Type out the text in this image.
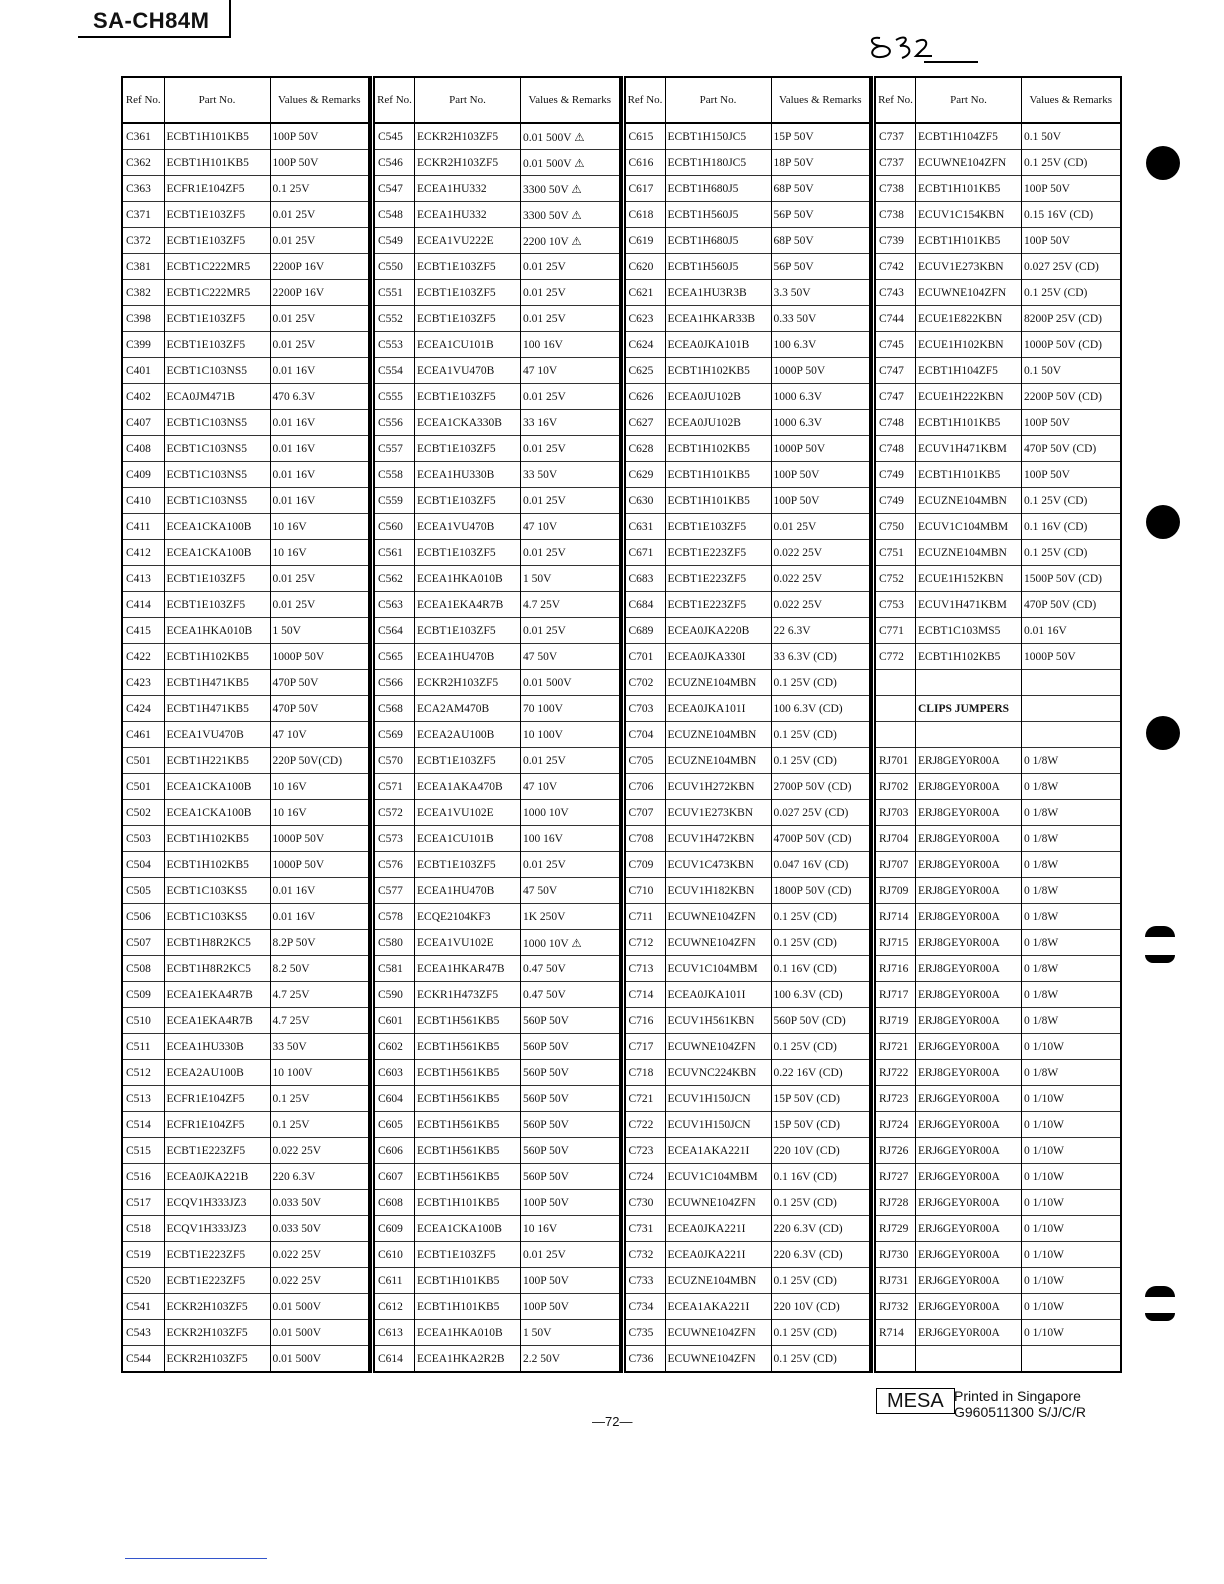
SA-CH84M
Ref No.	Part No.	Values & Remarks
C361	ECBT1H101KB5	100P 50V
C362	ECBT1H101KB5	100P 50V
C363	ECFR1E104ZF5	0.1 25V
C371	ECBT1E103ZF5	0.01 25V
C372	ECBT1E103ZF5	0.01 25V
C381	ECBT1C222MR5	2200P 16V
C382	ECBT1C222MR5	2200P 16V
C398	ECBT1E103ZF5	0.01 25V
C399	ECBT1E103ZF5	0.01 25V
C401	ECBT1C103NS5	0.01 16V
C402	ECA0JM471B	470 6.3V
C407	ECBT1C103NS5	0.01 16V
C408	ECBT1C103NS5	0.01 16V
C409	ECBT1C103NS5	0.01 16V
C410	ECBT1C103NS5	0.01 16V
C411	ECEA1CKA100B	10 16V
C412	ECEA1CKA100B	10 16V
C413	ECBT1E103ZF5	0.01 25V
C414	ECBT1E103ZF5	0.01 25V
C415	ECEA1HKA010B	1 50V
C422	ECBT1H102KB5	1000P 50V
C423	ECBT1H471KB5	470P 50V
C424	ECBT1H471KB5	470P 50V
C461	ECEA1VU470B	47 10V
C501	ECBT1H221KB5	220P 50V(CD)
C501	ECEA1CKA100B	10 16V
C502	ECEA1CKA100B	10 16V
C503	ECBT1H102KB5	1000P 50V
C504	ECBT1H102KB5	1000P 50V
C505	ECBT1C103KS5	0.01 16V
C506	ECBT1C103KS5	0.01 16V
C507	ECBT1H8R2KC5	8.2P 50V
C508	ECBT1H8R2KC5	8.2 50V
C509	ECEA1EKA4R7B	4.7 25V
C510	ECEA1EKA4R7B	4.7 25V
C511	ECEA1HU330B	33 50V
C512	ECEA2AU100B	10 100V
C513	ECFR1E104ZF5	0.1 25V
C514	ECFR1E104ZF5	0.1 25V
C515	ECBT1E223ZF5	0.022 25V
C516	ECEA0JKA221B	220 6.3V
C517	ECQV1H333JZ3	0.033 50V
C518	ECQV1H333JZ3	0.033 50V
C519	ECBT1E223ZF5	0.022 25V
C520	ECBT1E223ZF5	0.022 25V
C541	ECKR2H103ZF5	0.01 500V
C543	ECKR2H103ZF5	0.01 500V
C544	ECKR2H103ZF5	0.01 500V
Ref No.	Part No.	Values & Remarks
C545	ECKR2H103ZF5	0.01 500V ⚠
C546	ECKR2H103ZF5	0.01 500V ⚠
C547	ECEA1HU332	3300 50V ⚠
C548	ECEA1HU332	3300 50V ⚠
C549	ECEA1VU222E	2200 10V ⚠
C550	ECBT1E103ZF5	0.01 25V
C551	ECBT1E103ZF5	0.01 25V
C552	ECBT1E103ZF5	0.01 25V
C553	ECEA1CU101B	100 16V
C554	ECEA1VU470B	47 10V
C555	ECBT1E103ZF5	0.01 25V
C556	ECEA1CKA330B	33 16V
C557	ECBT1E103ZF5	0.01 25V
C558	ECEA1HU330B	33 50V
C559	ECBT1E103ZF5	0.01 25V
C560	ECEA1VU470B	47 10V
C561	ECBT1E103ZF5	0.01 25V
C562	ECEA1HKA010B	1 50V
C563	ECEA1EKA4R7B	4.7 25V
C564	ECBT1E103ZF5	0.01 25V
C565	ECEA1HU470B	47 50V
C566	ECKR2H103ZF5	0.01 500V
C568	ECA2AM470B	70 100V
C569	ECEA2AU100B	10 100V
C570	ECBT1E103ZF5	0.01 25V
C571	ECEA1AKA470B	47 10V
C572	ECEA1VU102E	1000 10V
C573	ECEA1CU101B	100 16V
C576	ECBT1E103ZF5	0.01 25V
C577	ECEA1HU470B	47 50V
C578	ECQE2104KF3	1K 250V
C580	ECEA1VU102E	1000 10V ⚠
C581	ECEA1HKAR47B	0.47 50V
C590	ECKR1H473ZF5	0.47 50V
C601	ECBT1H561KB5	560P 50V
C602	ECBT1H561KB5	560P 50V
C603	ECBT1H561KB5	560P 50V
C604	ECBT1H561KB5	560P 50V
C605	ECBT1H561KB5	560P 50V
C606	ECBT1H561KB5	560P 50V
C607	ECBT1H561KB5	560P 50V
C608	ECBT1H101KB5	100P 50V
C609	ECEA1CKA100B	10 16V
C610	ECBT1E103ZF5	0.01 25V
C611	ECBT1H101KB5	100P 50V
C612	ECBT1H101KB5	100P 50V
C613	ECEA1HKA010B	1 50V
C614	ECEA1HKA2R2B	2.2 50V
Ref No.	Part No.	Values & Remarks
C615	ECBT1H150JC5	15P 50V
C616	ECBT1H180JC5	18P 50V
C617	ECBT1H680J5	68P 50V
C618	ECBT1H560J5	56P 50V
C619	ECBT1H680J5	68P 50V
C620	ECBT1H560J5	56P 50V
C621	ECEA1HU3R3B	3.3 50V
C623	ECEA1HKAR33B	0.33 50V
C624	ECEA0JKA101B	100 6.3V
C625	ECBT1H102KB5	1000P 50V
C626	ECEA0JU102B	1000 6.3V
C627	ECEA0JU102B	1000 6.3V
C628	ECBT1H102KB5	1000P 50V
C629	ECBT1H101KB5	100P 50V
C630	ECBT1H101KB5	100P 50V
C631	ECBT1E103ZF5	0.01 25V
C671	ECBT1E223ZF5	0.022 25V
C683	ECBT1E223ZF5	0.022 25V
C684	ECBT1E223ZF5	0.022 25V
C689	ECEA0JKA220B	22 6.3V
C701	ECEA0JKA330I	33 6.3V (CD)
C702	ECUZNE104MBN	0.1 25V (CD)
C703	ECEA0JKA101I	100 6.3V (CD)
C704	ECUZNE104MBN	0.1 25V (CD)
C705	ECUZNE104MBN	0.1 25V (CD)
C706	ECUV1H272KBN	2700P 50V (CD)
C707	ECUV1E273KBN	0.027 25V (CD)
C708	ECUV1H472KBN	4700P 50V (CD)
C709	ECUV1C473KBN	0.047 16V (CD)
C710	ECUV1H182KBN	1800P 50V (CD)
C711	ECUWNE104ZFN	0.1 25V (CD)
C712	ECUWNE104ZFN	0.1 25V (CD)
C713	ECUV1C104MBM	0.1 16V (CD)
C714	ECEA0JKA101I	100 6.3V (CD)
C716	ECUV1H561KBN	560P 50V (CD)
C717	ECUWNE104ZFN	0.1 25V (CD)
C718	ECUVNC224KBN	0.22 16V (CD)
C721	ECUV1H150JCN	15P 50V (CD)
C722	ECUV1H150JCN	15P 50V (CD)
C723	ECEA1AKA221I	220 10V (CD)
C724	ECUV1C104MBM	0.1 16V (CD)
C730	ECUWNE104ZFN	0.1 25V (CD)
C731	ECEA0JKA221I	220 6.3V (CD)
C732	ECEA0JKA221I	220 6.3V (CD)
C733	ECUZNE104MBN	0.1 25V (CD)
C734	ECEA1AKA221I	220 10V (CD)
C735	ECUWNE104ZFN	0.1 25V (CD)
C736	ECUWNE104ZFN	0.1 25V (CD)
Ref No.	Part No.	Values & Remarks
C737	ECBT1H104ZF5	0.1 50V
C737	ECUWNE104ZFN	0.1 25V (CD)
C738	ECBT1H101KB5	100P 50V
C738	ECUV1C154KBN	0.15 16V (CD)
C739	ECBT1H101KB5	100P 50V
C742	ECUV1E273KBN	0.027 25V (CD)
C743	ECUWNE104ZFN	0.1 25V (CD)
C744	ECUE1E822KBN	8200P 25V (CD)
C745	ECUE1H102KBN	1000P 50V (CD)
C747	ECBT1H104ZF5	0.1 50V
C747	ECUE1H222KBN	2200P 50V (CD)
C748	ECBT1H101KB5	100P 50V
C748	ECUV1H471KBM	470P 50V (CD)
C749	ECBT1H101KB5	100P 50V
C749	ECUZNE104MBN	0.1 25V (CD)
C750	ECUV1C104MBM	0.1 16V (CD)
C751	ECUZNE104MBN	0.1 25V (CD)
C752	ECUE1H152KBN	1500P 50V (CD)
C753	ECUV1H471KBM	470P 50V (CD)
C771	ECBT1C103MS5	0.01 16V
C772	ECBT1H102KB5	1000P 50V

	CLIPS JUMPERS	

RJ701	ERJ8GEY0R00A	0 1/8W
RJ702	ERJ8GEY0R00A	0 1/8W
RJ703	ERJ8GEY0R00A	0 1/8W
RJ704	ERJ8GEY0R00A	0 1/8W
RJ707	ERJ8GEY0R00A	0 1/8W
RJ709	ERJ8GEY0R00A	0 1/8W
RJ714	ERJ8GEY0R00A	0 1/8W
RJ715	ERJ8GEY0R00A	0 1/8W
RJ716	ERJ8GEY0R00A	0 1/8W
RJ717	ERJ8GEY0R00A	0 1/8W
RJ719	ERJ8GEY0R00A	0 1/8W
RJ721	ERJ6GEY0R00A	0 1/10W
RJ722	ERJ8GEY0R00A	0 1/8W
RJ723	ERJ6GEY0R00A	0 1/10W
RJ724	ERJ6GEY0R00A	0 1/10W
RJ726	ERJ6GEY0R00A	0 1/10W
RJ727	ERJ6GEY0R00A	0 1/10W
RJ728	ERJ6GEY0R00A	0 1/10W
RJ729	ERJ6GEY0R00A	0 1/10W
RJ730	ERJ6GEY0R00A	0 1/10W
RJ731	ERJ6GEY0R00A	0 1/10W
RJ732	ERJ6GEY0R00A	0 1/10W
R714	ERJ6GEY0R00A	0 1/10W

—72—
MESA Printed in Singapore
G960511300 S/J/C/R
